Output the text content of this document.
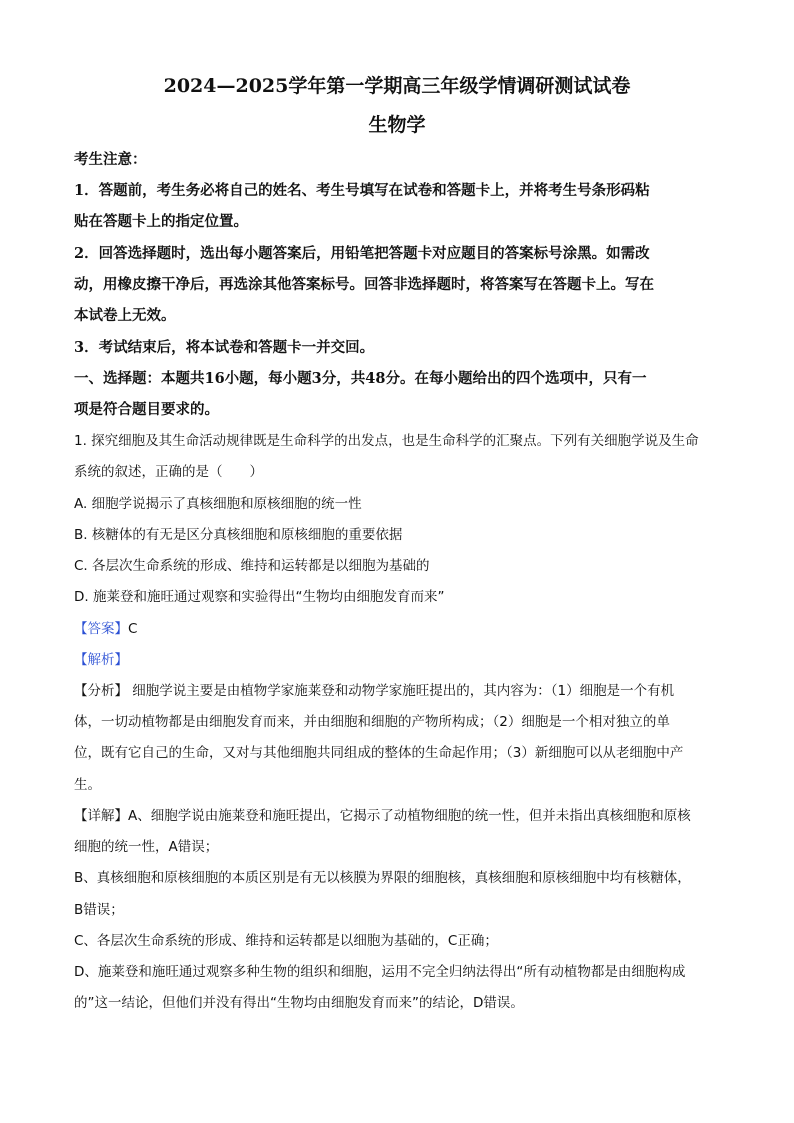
2024—2025学年第一学期高三年级学情调研测试试卷
生物学

考生注意：

1．答题前，考生务必将自己的姓名、考生号填写在试卷和答题卡上，并将考生号条形码粘

贴在答题卡上的指定位置。

2．回答选择题时，选出每小题答案后，用铅笔把答题卡对应题目的答案标号涂黑。如需改

动，用橡皮擦干净后，再选涂其他答案标号。回答非选择题时，将答案写在答题卡上。写在

本试卷上无效。

3．考试结束后，将本试卷和答题卡一并交回。

一、选择题：本题共16小题，每小题3分，共48分。在每小题给出的四个选项中，只有一

项是符合题目要求的。

1. 探究细胞及其生命活动规律既是生命科学的出发点，也是生命科学的汇聚点。下列有关细胞学说及生命

系统的叙述，正确的是（　　）

A. 细胞学说揭示了真核细胞和原核细胞的统一性

B. 核糖体的有无是区分真核细胞和原核细胞的重要依据

C. 各层次生命系统的形成、维持和运转都是以细胞为基础的

D. 施莱登和施旺通过观察和实验得出“生物均由细胞发育而来”

【答案】C

【解析】

【分析】 细胞学说主要是由植物学家施莱登和动物学家施旺提出的，其内容为：（1）细胞是一个有机

体，一切动植物都是由细胞发育而来，并由细胞和细胞的产物所构成；（2）细胞是一个相对独立的单

位，既有它自己的生命，又对与其他细胞共同组成的整体的生命起作用；（3）新细胞可以从老细胞中产

生。

【详解】A、细胞学说由施莱登和施旺提出，它揭示了动植物细胞的统一性，但并未指出真核细胞和原核

细胞的统一性，A错误；

B、真核细胞和原核细胞的本质区别是有无以核膜为界限的细胞核，真核细胞和原核细胞中均有核糖体，

B错误；

C、各层次生命系统的形成、维持和运转都是以细胞为基础的，C正确；

D、施莱登和施旺通过观察多种生物的组织和细胞，运用不完全归纳法得出“所有动植物都是由细胞构成

的”这一结论，但他们并没有得出“生物均由细胞发育而来”的结论，D错误。
